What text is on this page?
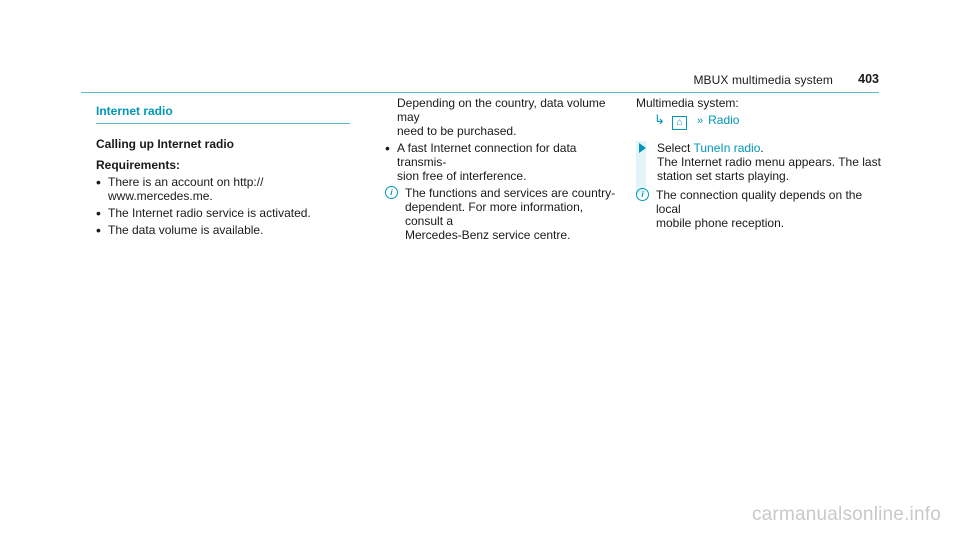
MBUX multimedia system 403
Internet radio
Calling up Internet radio
Requirements:
• There is an account on http://
www.mercedes.me.
• The Internet radio service is activated.
• The data volume is available.
Depending on the country, data volume may
need to be purchased.
• A fast Internet connection for data transmis-
sion free of interference.
i	The functions and services are country-
dependent. For more information, consult a
Mercedes-Benz service centre.
Multimedia system:
↳ ⌂ » Radio
Select TuneIn radio.
The Internet radio menu appears. The last
station set starts playing.
i	The connection quality depends on the local
mobile phone reception.
carmanualsonline.info
